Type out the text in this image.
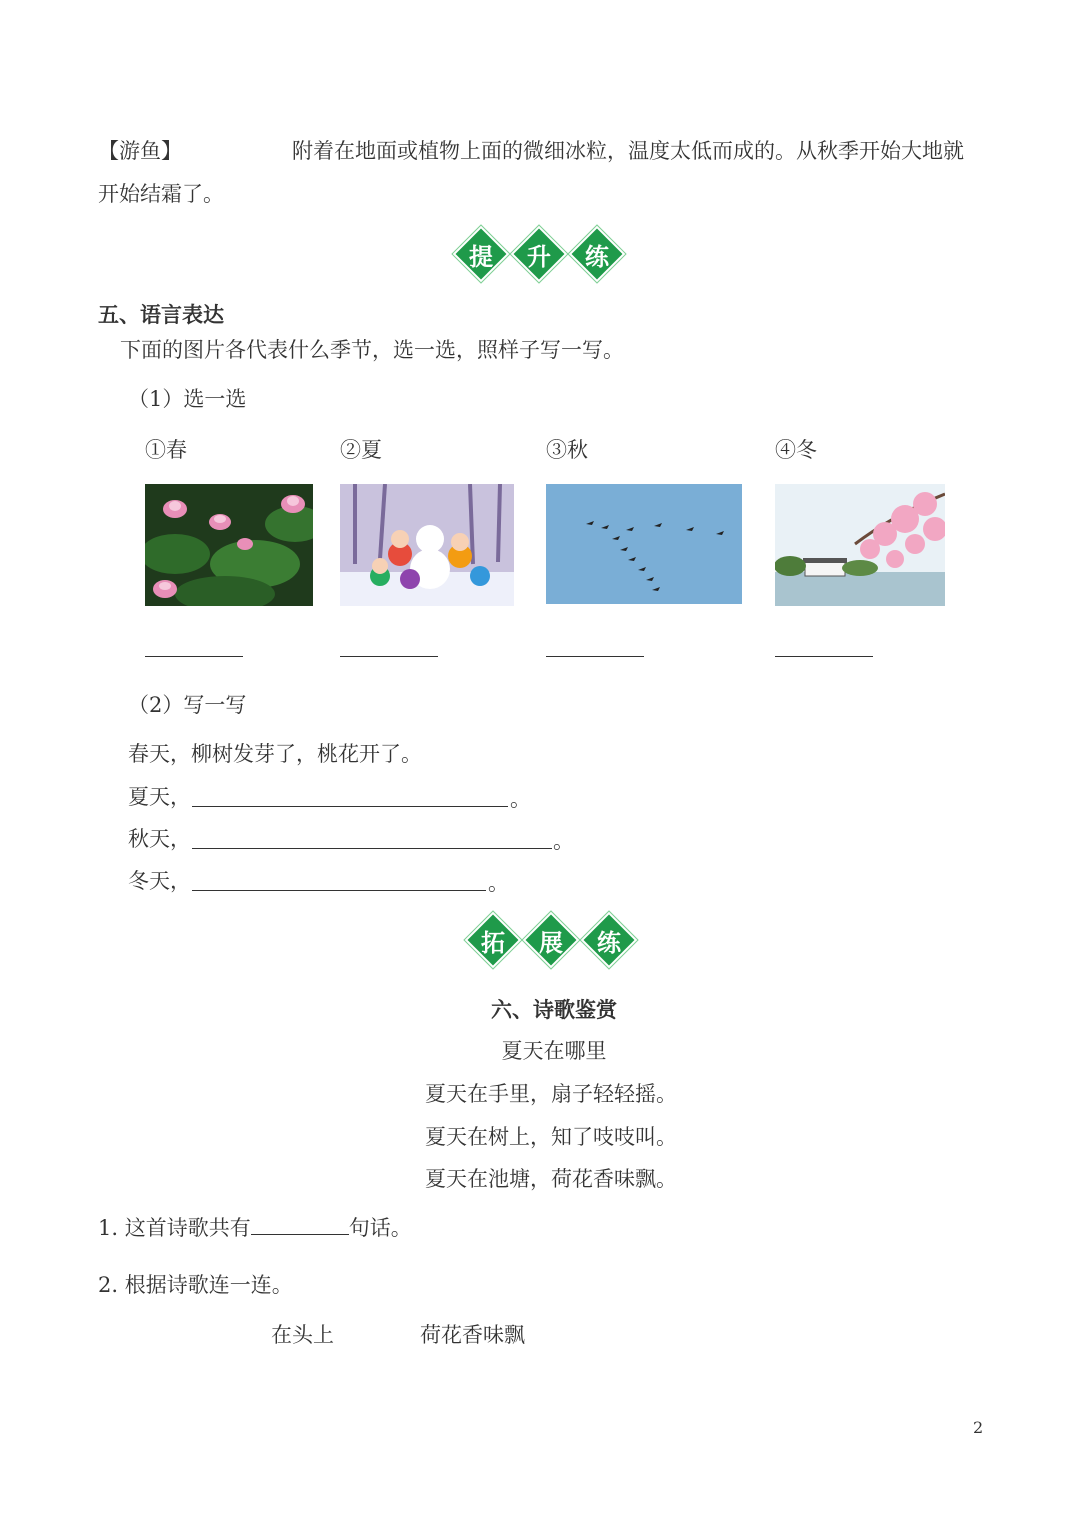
【游鱼】	附着在地面或植物上面的微细冰粒，温度太低而成的。从秋季开始大地就
开始结霜了。
提	升	练
五、语言表达
下面的图片各代表什么季节，选一选，照样子写一写。
（1）选一选
①春	②夏	③秋	④冬
（2）写一写
春天，柳树发芽了，桃花开了。
夏天，	。
秋天，	。
冬天，	。
拓	展	练
六、诗歌鉴赏
夏天在哪里
夏天在手里，扇子轻轻摇。
夏天在树上，知了吱吱叫。
夏天在池塘，荷花香味飘。
1. 这首诗歌共有	句话。
2. 根据诗歌连一连。
在头上	荷花香味飘
2
